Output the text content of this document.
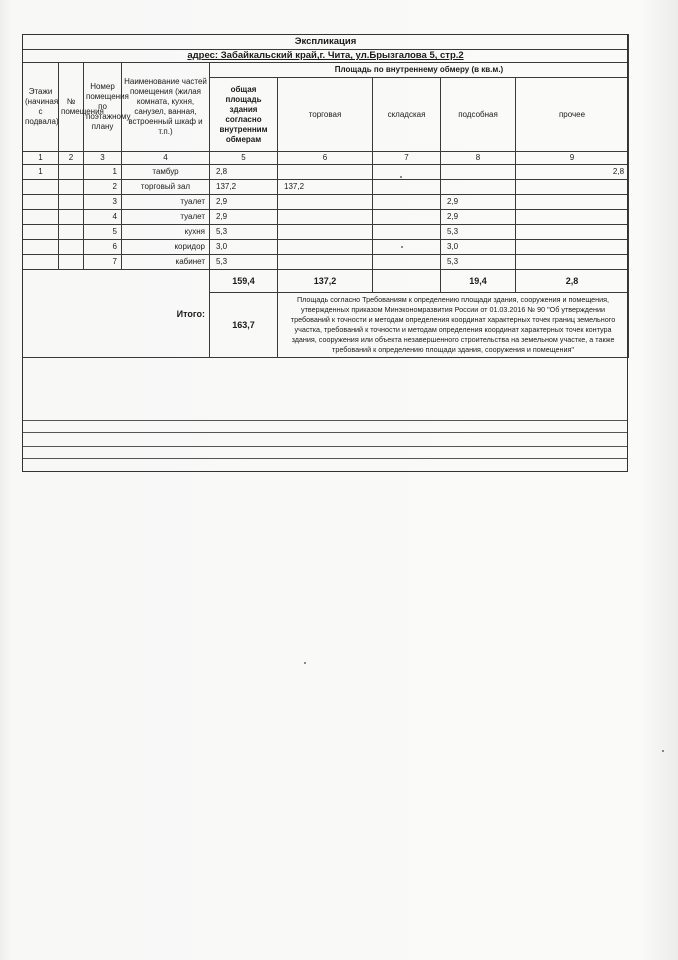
Экспликация								
адрес: Забайкальский край,г. Чита, ул.Брызгалова 5, стр.2								
Этажи (начиная с подвала)	№ помещения	Номер помещения по поэтажному плану	Наименование частей помещения (жилая комната, кухня, санузел, ванная, встроенный шкаф и т.п.)	Площадь по внутреннему обмеру (в кв.м.)				
				общая площадь здания согласно внутренним обмерам	торговая	складская	подсобная	прочее
1	2	3	4	5	6	7	8	9
1		1	тамбур	2,8				2,8
		2	торговый зал	137,2	137,2			
		3	туалет	2,9			2,9	
		4	туалет	2,9			2,9	
		5	кухня	5,3			5,3	
		6	коридор	3,0			3,0	
		7	кабинет	5,3			5,3	
Итого:				159,4	137,2		19,4	2,8
				163,7	Площадь согласно Требованиям к определению площади здания, сооружения и помещения, утвержденных приказом Минэкономразвития России от 01.03.2016 № 90 "Об утверждении требований к точности и методам определения координат характерных точек границ земельного участка, требований к точности и методам определения координат характерных точек контура здания, сооружения или объекта незавершенного строительства на земельном участке, а также требований к определению площади здания, сооружения и помещения"			
